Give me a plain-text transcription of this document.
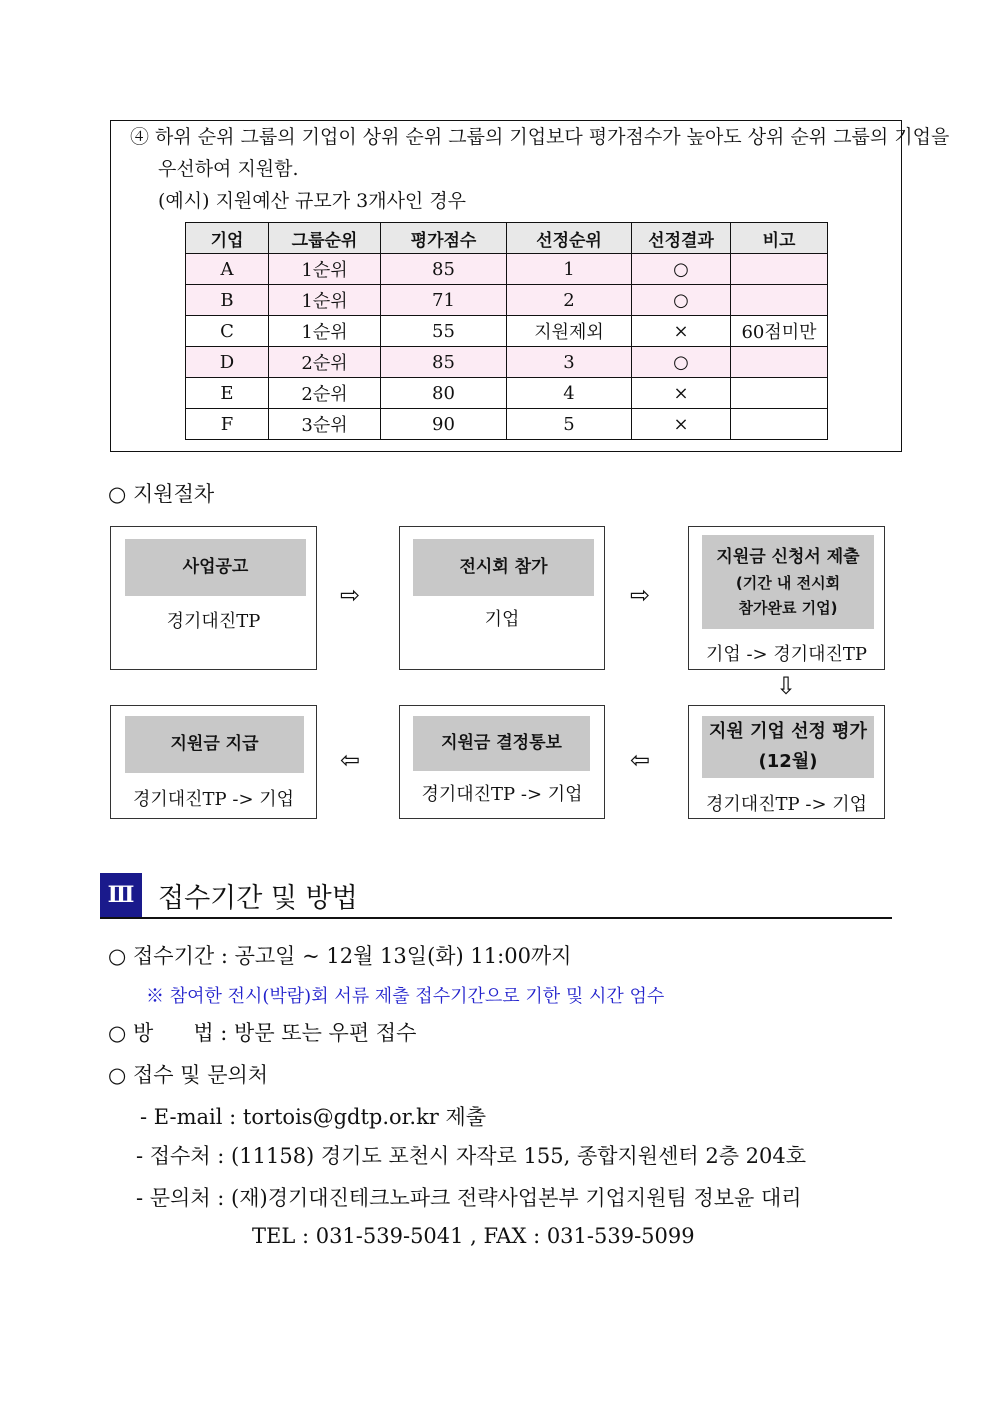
④ 하위 순위 그룹의 기업이 상위 순위 그룹의 기업보다 평가점수가 높아도 상위 순위 그룹의 기업을
우선하여 지원함.
(예시) 지원예산 규모가 3개사인 경우
기업	그룹순위	평가점수	선정순위	선정결과	비고
A	1순위	85	1	○	
B	1순위	71	2	○	
C	1순위	55	지원제외	×	60점미만
D	2순위	85	3	○	
E	2순위	80	4	×	
F	3순위	90	5	×	
○ 지원절차
사업공고
경기대진TP
⇨
전시회 참가
기업
⇨
지원금 신청서 제출
(기간 내 전시회
참가완료 기업)
기업 -> 경기대진TP
⇩
지원 기업 선정 평가
(12월)
경기대진TP -> 기업
⇦
지원금 결정통보
경기대진TP -> 기업
⇦
지원금 지급
경기대진TP -> 기업
Ⅲ 접수기간 및 방법
○ 접수기간 : 공고일 ~ 12월 13일(화) 11:00까지
※ 참여한 전시(박람)회 서류 제출 접수기간으로 기한 및 시간 엄수
○ 방      법 : 방문 또는 우편 접수
○ 접수 및 문의처
- E-mail : tortois@gdtp.or.kr 제출
- 접수처 : (11158) 경기도 포천시 자작로 155, 종합지원센터 2층 204호
- 문의처 : (재)경기대진테크노파크 전략사업본부 기업지원팀 정보윤 대리
TEL : 031-539-5041 , FAX : 031-539-5099
